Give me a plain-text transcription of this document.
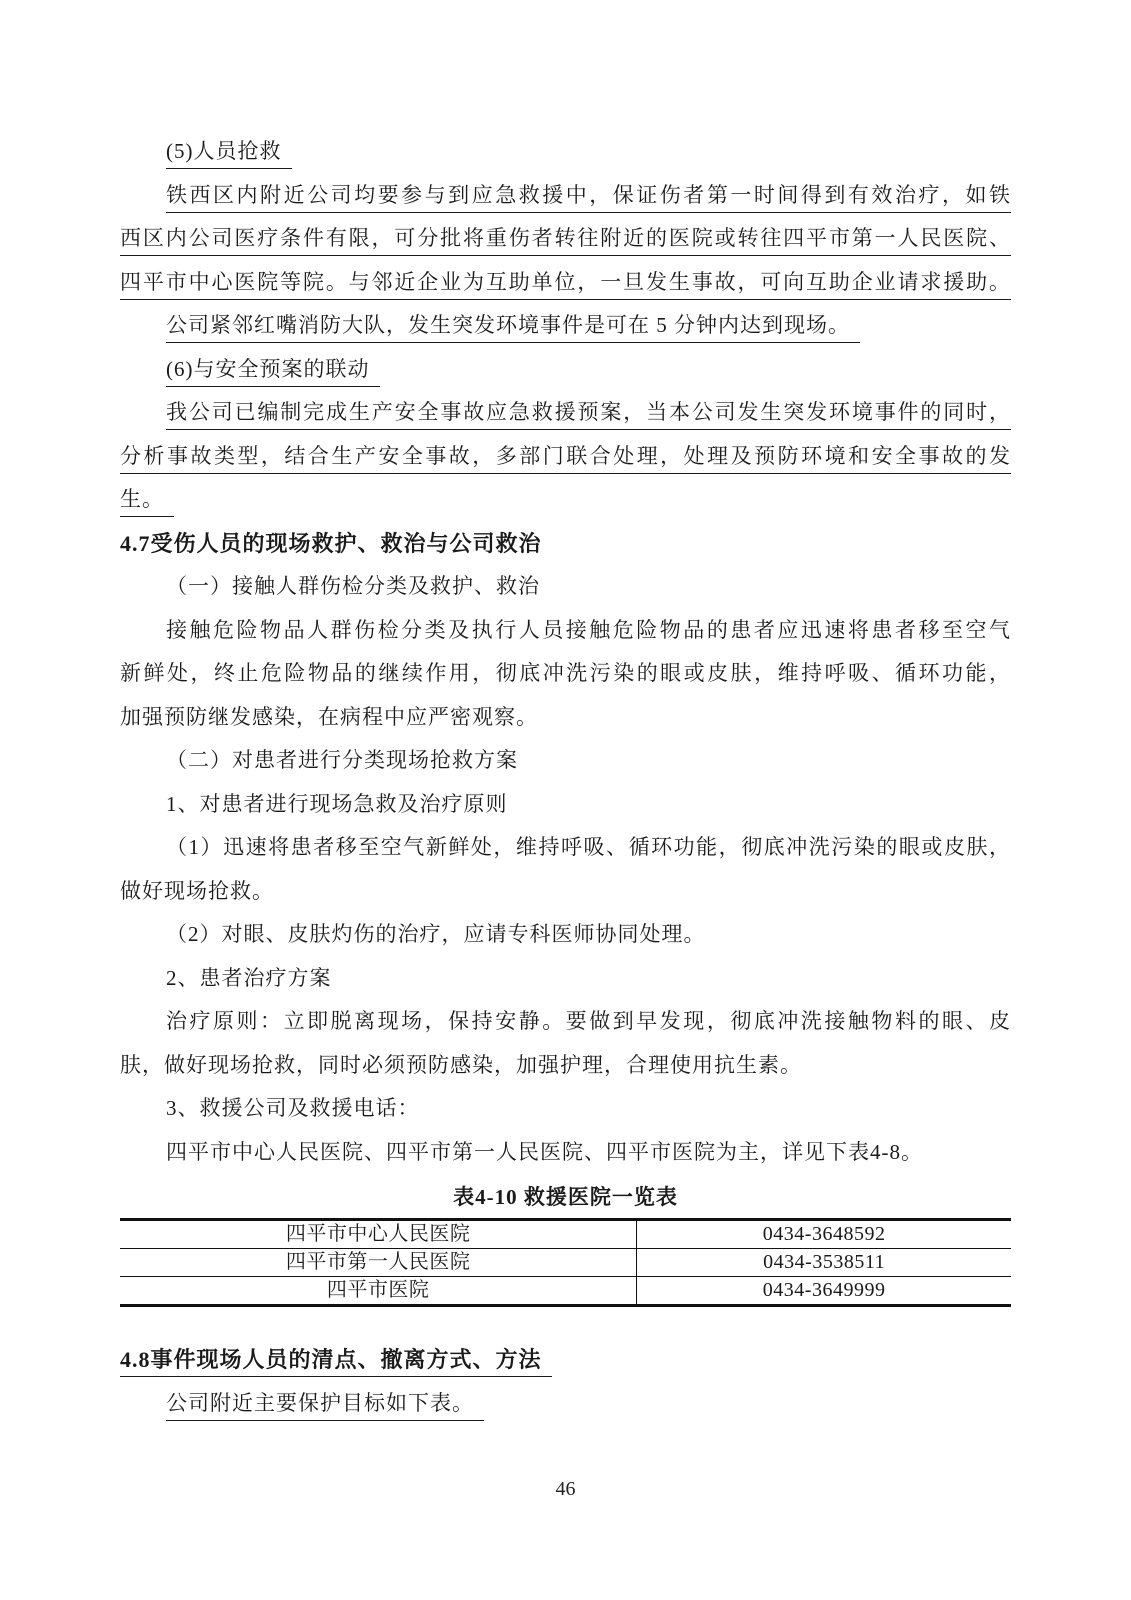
(5)人员抢救
铁西区内附近公司均要参与到应急救援中，保证伤者第一时间得到有效治疗，如铁
西区内公司医疗条件有限，可分批将重伤者转往附近的医院或转往四平市第一人民医院、
四平市中心医院等院。与邻近企业为互助单位，一旦发生事故，可向互助企业请求援助。
公司紧邻红嘴消防大队，发生突发环境事件是可在 5 分钟内达到现场。
(6)与安全预案的联动
我公司已编制完成生产安全事故应急救援预案，当本公司发生突发环境事件的同时，
分析事故类型，结合生产安全事故，多部门联合处理，处理及预防环境和安全事故的发
生。
4.7受伤人员的现场救护、救治与公司救治
（一）接触人群伤检分类及救护、救治
接触危险物品人群伤检分类及执行人员接触危险物品的患者应迅速将患者移至空气
新鲜处，终止危险物品的继续作用，彻底冲洗污染的眼或皮肤，维持呼吸、循环功能，
加强预防继发感染，在病程中应严密观察。
（二）对患者进行分类现场抢救方案
1、对患者进行现场急救及治疗原则
（1）迅速将患者移至空气新鲜处，维持呼吸、循环功能，彻底冲洗污染的眼或皮肤，
做好现场抢救。
（2）对眼、皮肤灼伤的治疗，应请专科医师协同处理。
2、患者治疗方案
治疗原则：立即脱离现场，保持安静。要做到早发现，彻底冲洗接触物料的眼、皮
肤，做好现场抢救，同时必须预防感染，加强护理，合理使用抗生素。
3、救援公司及救援电话：
四平市中心人民医院、四平市第一人民医院、四平市医院为主，详见下表4-8。
表4-10 救援医院一览表
四平市中心人民医院	0434-3648592
四平市第一人民医院	0434-3538511
四平市医院	0434-3649999
4.8事件现场人员的清点、撤离方式、方法
公司附近主要保护目标如下表。
46
